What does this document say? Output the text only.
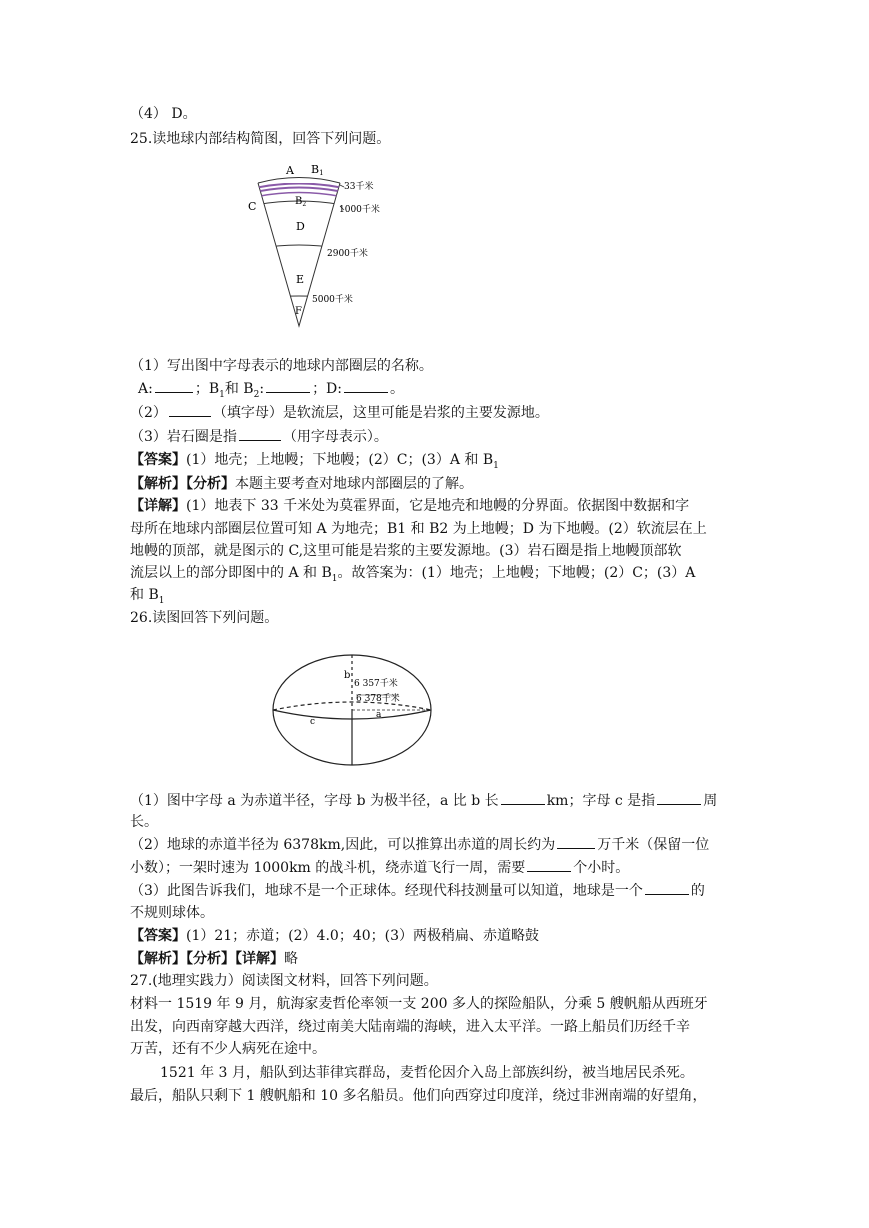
（4） D。
25.读地球内部结构简图，回答下列问题。
A B1
C	$B_2$
D
E
F
33千米
1000千米
2900千米
5000千米
（1）写出图中字母表示的地球内部圈层的名称。
A:	；$B_1$和 $B_2$:	；D:	。
（2）	（填字母）是软流层，这里可能是岩浆的主要发源地。
（3）岩石圈是指	（用字母表示）。
【答案】(1）地壳；上地幔；下地幔；(2）C；(3）A 和 $B_1$
【解析】【分析】本题主要考查对地球内部圈层的了解。
【详解】(1）地表下 33 千米处为莫霍界面，它是地壳和地幔的分界面。依据图中数据和字
母所在地球内部圈层位置可知 A 为地壳；B1 和 B2 为上地幔；D 为下地幔。(2）软流层在上
地幔的顶部，就是图示的 C,这里可能是岩浆的主要发源地。(3）岩石圈是指上地幔顶部软
流层以上的部分即图中的 A 和 $B_1$。故答案为：(1）地壳；上地幔；下地幔；(2）C；(3）A
和 $B_1$
26.读图回答下列问题。
b
6 357千米
6 378千米
a
c
（1）图中字母 a 为赤道半径，字母 b 为极半径，a 比 b 长	km；字母 c 是指	周
长。
（2）地球的赤道半径为 6378km,因此，可以推算出赤道的周长约为	万千米（保留一位
小数）；一架时速为 1000km 的战斗机，绕赤道飞行一周，需要	个小时。
（3）此图告诉我们，地球不是一个正球体。经现代科技测量可以知道，地球是一个	的
不规则球体。
【答案】(1）21；赤道；(2）4.0；40；(3）两极稍扁、赤道略鼓
【解析】【分析】【详解】略
27.(地理实践力）阅读图文材料，回答下列问题。
材料一 1519 年 9 月，航海家麦哲伦率领一支 200 多人的探险船队，分乘 5 艘帆船从西班牙
出发，向西南穿越大西洋，绕过南美大陆南端的海峡，进入太平洋。一路上船员们历经千辛
万苦，还有不少人病死在途中。
1521 年 3 月，船队到达菲律宾群岛，麦哲伦因介入岛上部族纠纷，被当地居民杀死。
最后，船队只剩下 1 艘帆船和 10 多名船员。他们向西穿过印度洋，绕过非洲南端的好望角，
